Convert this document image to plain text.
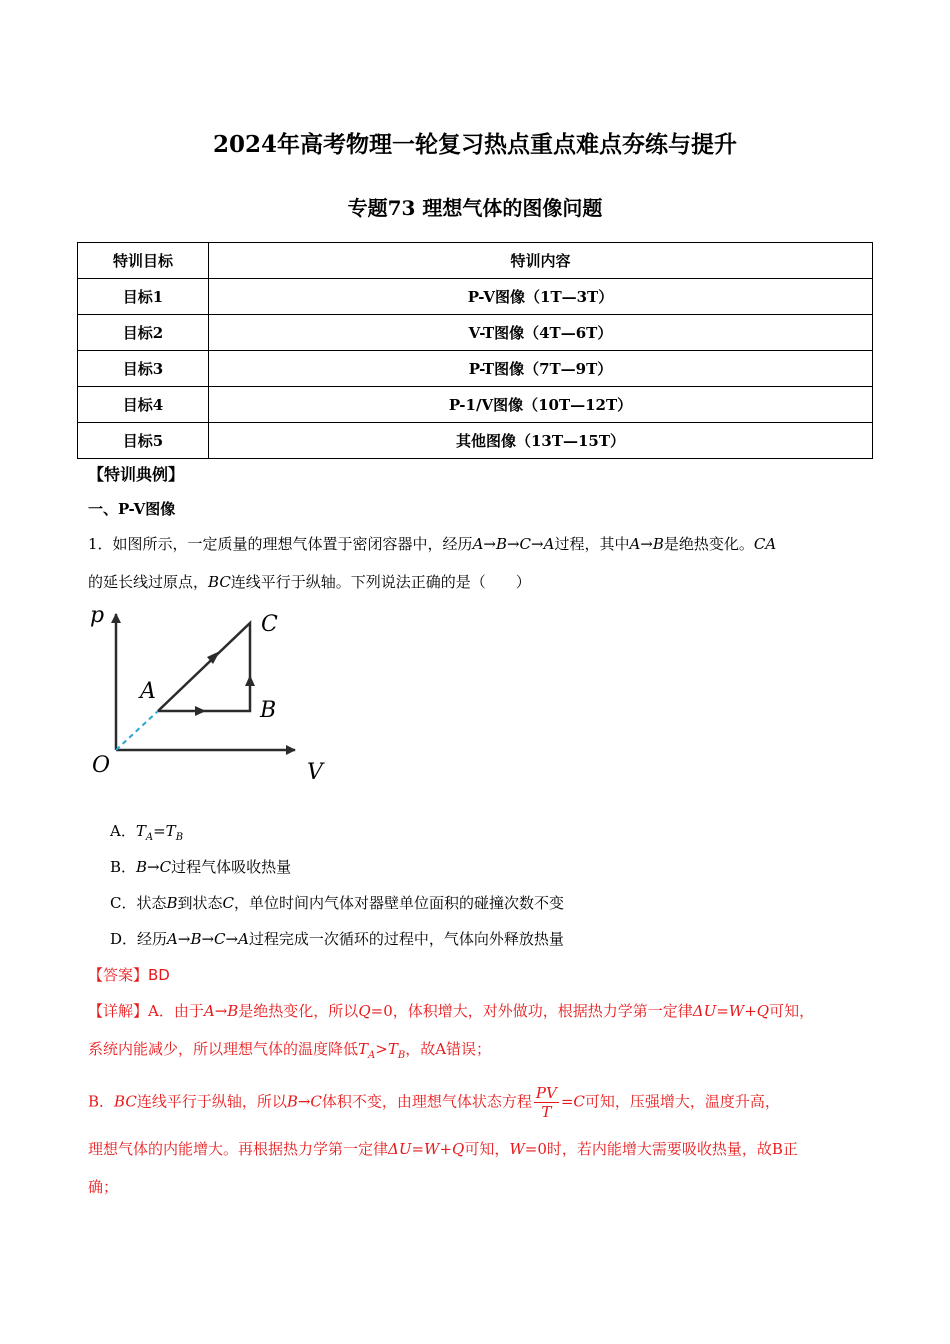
2024年高考物理一轮复习热点重点难点夯练与提升
专题73 理想气体的图像问题
特训目标	特训内容
目标1	P-V图像（1T—3T）
目标2	V-T图像（4T—6T）
目标3	P-T图像（7T—9T）
目标4	P-1/V图像（10T—12T）
目标5	其他图像（13T—15T）
【特训典例】
一、P-V图像
1．如图所示，一定质量的理想气体置于密闭容器中，经历A→B→C→A过程，其中A→B是绝热变化。CA
的延长线过原点，BC连线平行于纵轴。下列说法正确的是（　　）
p
V
O
A
B
C
A．$T_A=T_B$
B．B→C过程气体吸收热量
C．状态B到状态C，单位时间内气体对器壁单位面积的碰撞次数不变
D．经历A→B→C→A过程完成一次循环的过程中，气体向外释放热量
【答案】BD
【详解】A．由于A→B是绝热变化，所以Q=0，体积增大，对外做功，根据热力学第一定律ΔU=W+Q可知，
系统内能减少，所以理想气体的温度降低$T_A>T_B$，故A错误；
B．BC连线平行于纵轴，所以B→C体积不变，由理想气体状态方程 $\frac{PV}{T} =C$可知，压强增大，温度升高，
理想气体的内能增大。再根据热力学第一定律ΔU=W+Q可知，W=0时，若内能增大需要吸收热量，故B正
确；
